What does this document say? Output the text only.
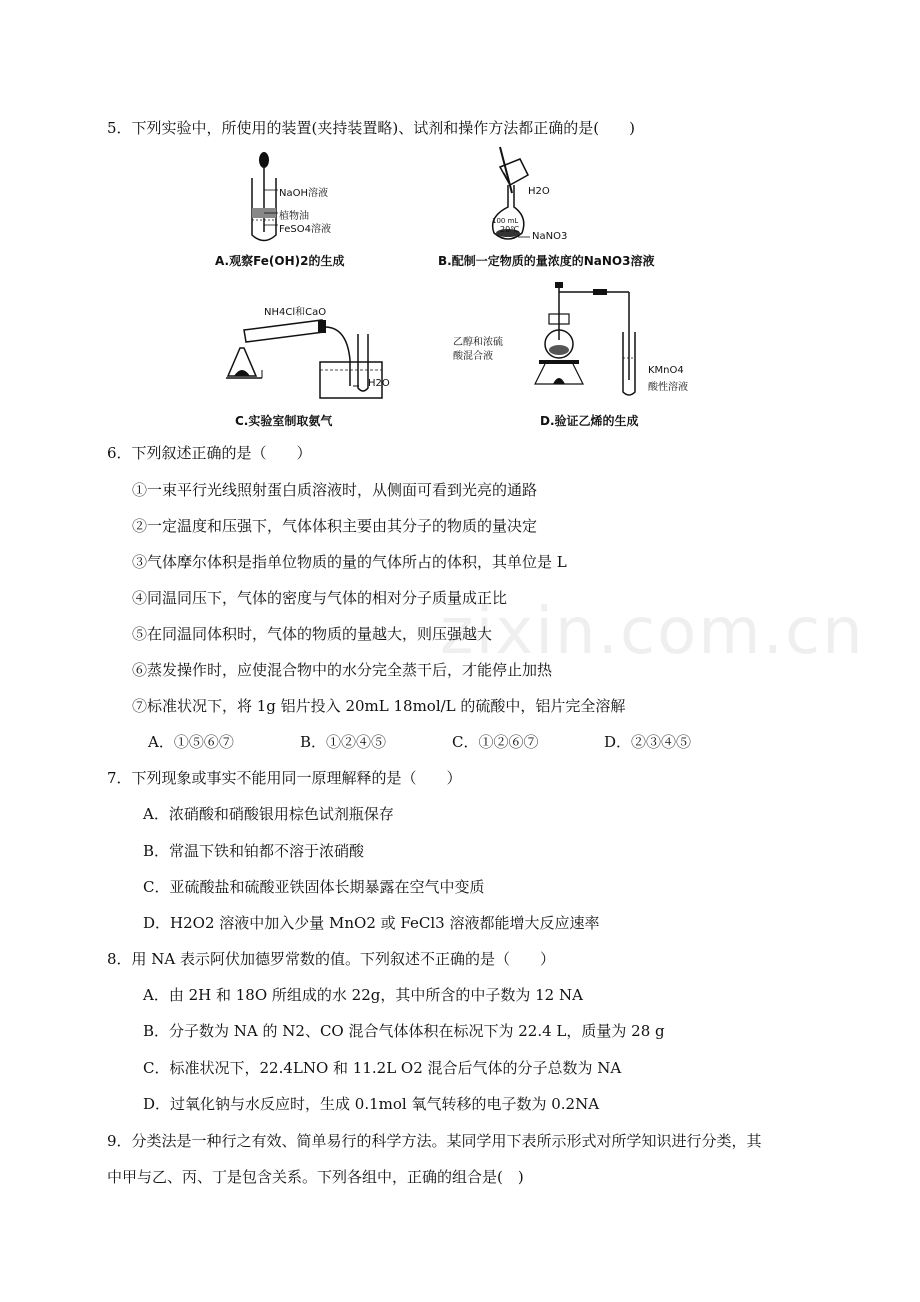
zixin.com.cn
5．下列实验中，所使用的装置(夹持装置略)、试剂和操作方法都正确的是(　　)
NaOH溶液
植物油
FeSO4溶液
A.观察Fe(OH)2的生成
H2O
100 mL
20℃
NaNO3
B.配制一定物质的量浓度的NaNO3溶液
NH4Cl和CaO
H2O
C.实验室制取氨气
乙醇和浓硫
酸混合液
KMnO4
酸性溶液
D.验证乙烯的生成
6．下列叙述正确的是（　　）
①一束平行光线照射蛋白质溶液时，从侧面可看到光亮的通路
②一定温度和压强下，气体体积主要由其分子的物质的量决定
③气体摩尔体积是指单位物质的量的气体所占的体积，其单位是 L
④同温同压下，气体的密度与气体的相对分子质量成正比
⑤在同温同体积时，气体的物质的量越大，则压强越大
⑥蒸发操作时，应使混合物中的水分完全蒸干后，才能停止加热
⑦标准状况下，将 1g 铝片投入 20mL 18mol/L 的硫酸中，铝片完全溶解
A．①⑤⑥⑦	B．①②④⑤	C．①②⑥⑦	D．②③④⑤
7．下列现象或事实不能用同一原理解释的是（　　）
A．浓硝酸和硝酸银用棕色试剂瓶保存
B．常温下铁和铂都不溶于浓硝酸
C．亚硫酸盐和硫酸亚铁固体长期暴露在空气中变质
D．H2O2 溶液中加入少量 MnO2 或 FeCl3 溶液都能增大反应速率
8．用 NA 表示阿伏加德罗常数的值。下列叙述不正确的是（　　）
A．由 2H 和 18O 所组成的水 22g，其中所含的中子数为 12 NA
B．分子数为 NA 的 N2、CO 混合气体体积在标况下为 22.4 L，质量为 28 g
C．标准状况下，22.4LNO 和 11.2L O2 混合后气体的分子总数为 NA
D．过氧化钠与水反应时，生成 0.1mol 氧气转移的电子数为 0.2NA
9．分类法是一种行之有效、简单易行的科学方法。某同学用下表所示形式对所学知识进行分类，其
中甲与乙、丙、丁是包含关系。下列各组中，正确的组合是(　)
